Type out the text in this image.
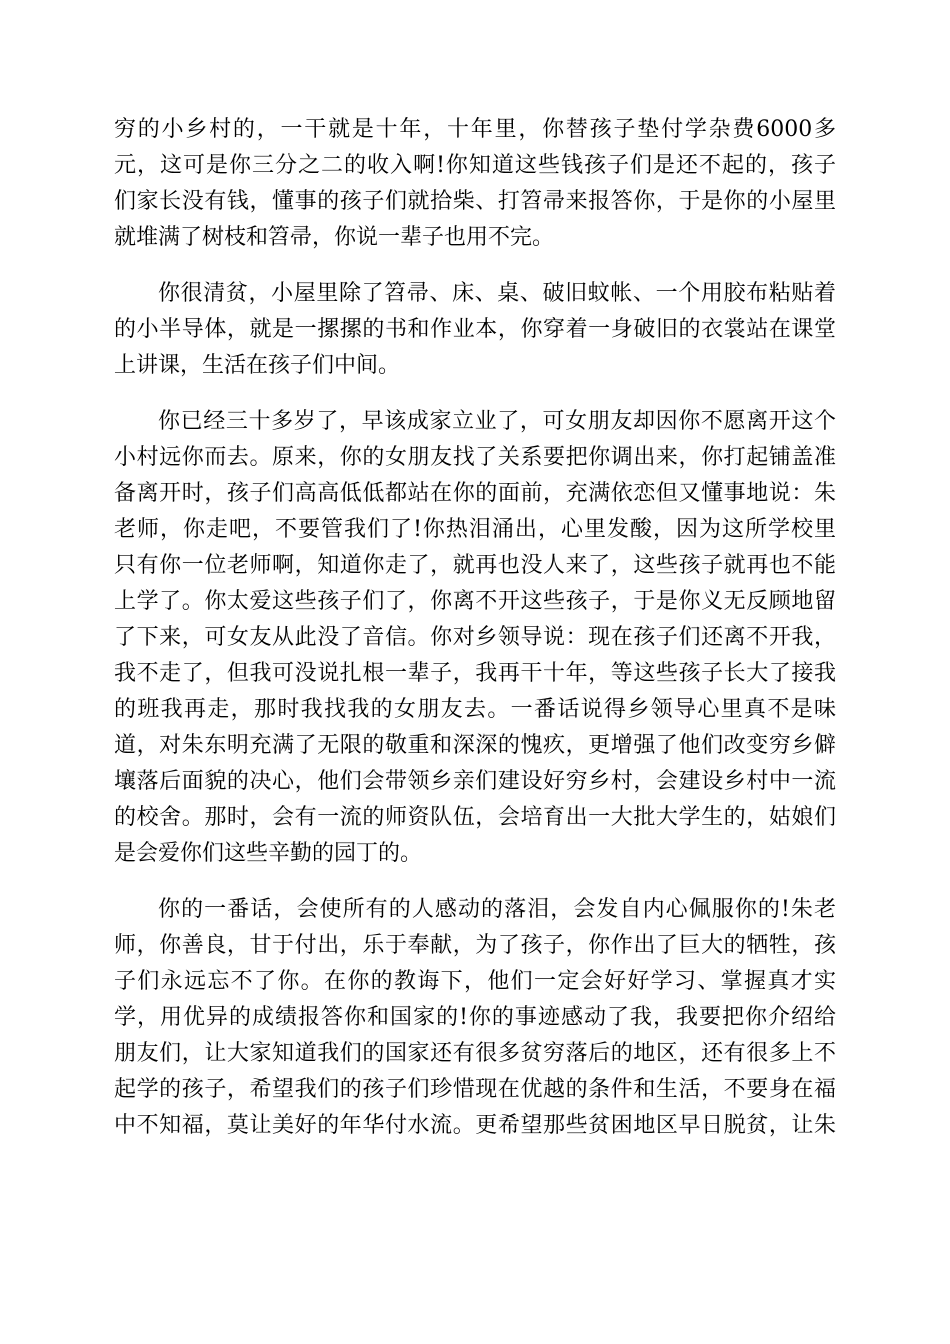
穷的小乡村的，一干就是十年，十年里，你替孩子垫付学杂费6000多
元，这可是你三分之二的收入啊!你知道这些钱孩子们是还不起的，孩子
们家长没有钱，懂事的孩子们就拾柴、打笤帚来报答你，于是你的小屋里
就堆满了树枝和笤帚，你说一辈子也用不完。
你很清贫，小屋里除了笤帚、床、桌、破旧蚊帐、一个用胶布粘贴着
的小半导体，就是一摞摞的书和作业本，你穿着一身破旧的衣裳站在课堂
上讲课，生活在孩子们中间。
你已经三十多岁了，早该成家立业了，可女朋友却因你不愿离开这个
小村远你而去。原来，你的女朋友找了关系要把你调出来，你打起铺盖准
备离开时，孩子们高高低低都站在你的面前，充满依恋但又懂事地说：朱
老师，你走吧，不要管我们了!你热泪涌出，心里发酸，因为这所学校里
只有你一位老师啊，知道你走了，就再也没人来了，这些孩子就再也不能
上学了。你太爱这些孩子们了，你离不开这些孩子，于是你义无反顾地留
了下来，可女友从此没了音信。你对乡领导说：现在孩子们还离不开我，
我不走了，但我可没说扎根一辈子，我再干十年，等这些孩子长大了接我
的班我再走，那时我找我的女朋友去。一番话说得乡领导心里真不是味
道，对朱东明充满了无限的敬重和深深的愧疚，更增强了他们改变穷乡僻
壤落后面貌的决心，他们会带领乡亲们建设好穷乡村，会建设乡村中一流
的校舍。那时，会有一流的师资队伍，会培育出一大批大学生的，姑娘们
是会爱你们这些辛勤的园丁的。
你的一番话，会使所有的人感动的落泪，会发自内心佩服你的!朱老
师，你善良，甘于付出，乐于奉献，为了孩子，你作出了巨大的牺牲，孩
子们永远忘不了你。在你的教诲下，他们一定会好好学习、掌握真才实
学，用优异的成绩报答你和国家的!你的事迹感动了我，我要把你介绍给
朋友们，让大家知道我们的国家还有很多贫穷落后的地区，还有很多上不
起学的孩子，希望我们的孩子们珍惜现在优越的条件和生活，不要身在福
中不知福，莫让美好的年华付水流。更希望那些贫困地区早日脱贫，让朱
